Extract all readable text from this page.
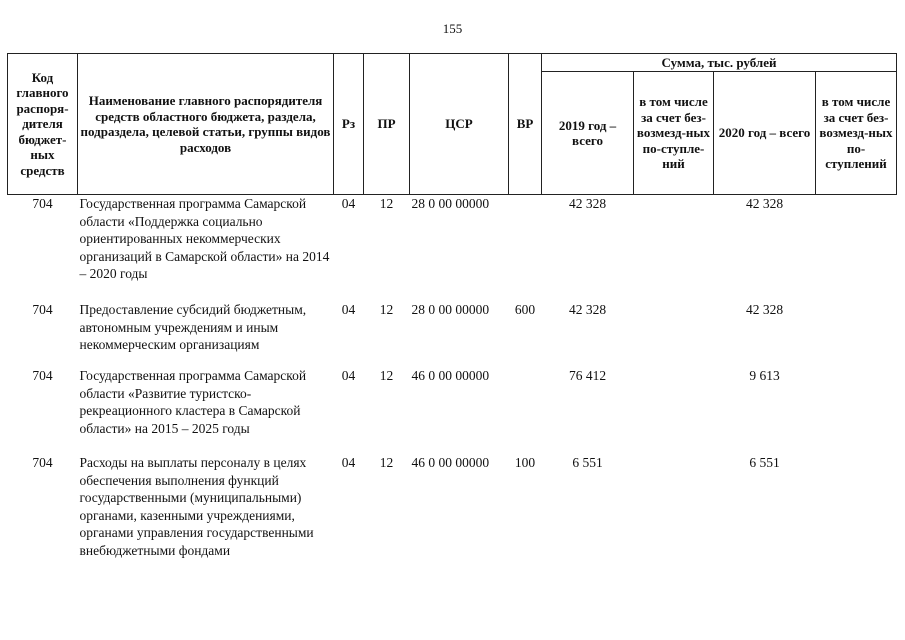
155
Код главного распоря-дителя бюджет-ных средств	Наименование главного распорядителя средств областного бюджета, раздела, подраздела, целевой статьи, группы видов расходов	Рз	ПР	ЦСР	ВР	Сумма, тыс. рублей			
						2019 год – всего	в том числе за счет без-возмезд-ных по-ступле-ний	2020 год – всего	в том числе за счет без-возмезд-ных по-ступлений
704	Государственная программа Самарской области «Поддержка социально ориентированных некоммерческих организаций в Самарской области» на 2014 – 2020 годы	04	12	28 0 00 00000		42 328		42 328	
704	Предоставление субсидий бюджетным, автономным учреждениям и иным некоммерческим организациям	04	12	28 0 00 00000	600	42 328		42 328	
704	Государственная программа Самарской области «Развитие туристско-рекреационного кластера в Самарской области» на 2015 – 2025 годы	04	12	46 0 00 00000		76 412		9 613	
704	Расходы на выплаты персоналу в целях обеспечения выполнения функций государственными (муниципальными) органами, казенными учреждениями, органами управления государственными внебюджетными фондами	04	12	46 0 00 00000	100	6 551		6 551	
